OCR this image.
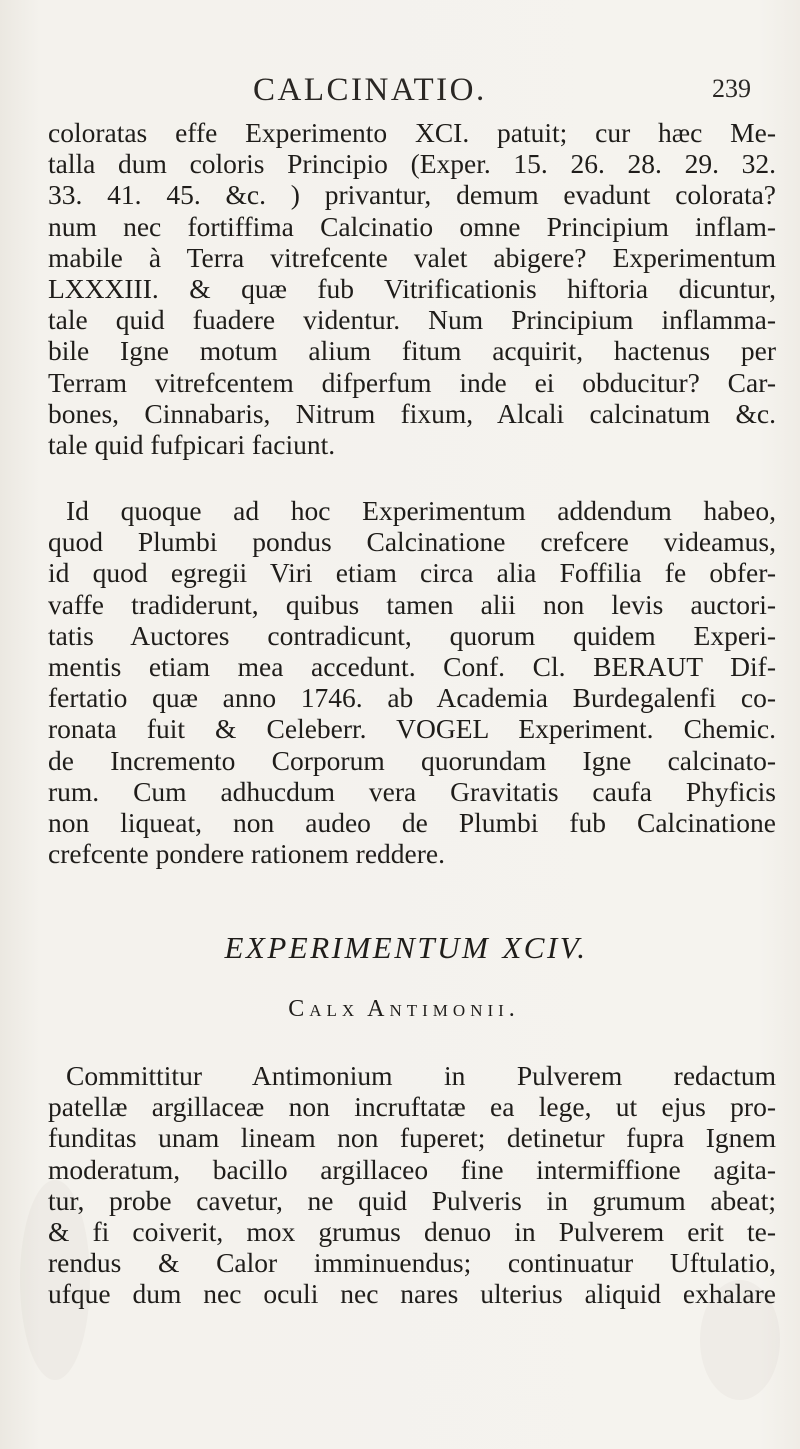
CALCINATIO.	239
coloratas effe Experimento XCI. patuit; cur hæc Me-
talla dum coloris Principio (Exper. 15. 26. 28. 29. 32.
33. 41. 45. &c. ) privantur, demum evadunt colorata?
num nec fortiffima Calcinatio omne Principium inflam-
mabile à Terra vitrefcente valet abigere? Experimentum
LXXXIII. & quæ fub Vitrificationis hiftoria dicuntur,
tale quid fuadere videntur. Num Principium inflamma-
bile Igne motum alium fitum acquirit, hactenus per
Terram vitrefcentem difperfum inde ei obducitur? Car-
bones, Cinnabaris, Nitrum fixum, Alcali calcinatum &c.
tale quid fufpicari faciunt.
Id quoque ad hoc Experimentum addendum habeo,
quod Plumbi pondus Calcinatione crefcere videamus,
id quod egregii Viri etiam circa alia Foffilia fe obfer-
vaffe tradiderunt, quibus tamen alii non levis auctori-
tatis Auctores contradicunt, quorum quidem Experi-
mentis etiam mea accedunt. Conf. Cl. BERAUT Dif-
fertatio quæ anno 1746. ab Academia Burdegalenfi co-
ronata fuit & Celeberr. VOGEL Experiment. Chemic.
de Incremento Corporum quorundam Igne calcinato-
rum. Cum adhucdum vera Gravitatis caufa Phyficis
non liqueat, non audeo de Plumbi fub Calcinatione
crefcente pondere rationem reddere.
EXPERIMENTUM XCIV.
Calx Antimonii.
Committitur Antimonium in Pulverem redactum
patellæ argillaceæ non incruftatæ ea lege, ut ejus pro-
funditas unam lineam non fuperet; detinetur fupra Ignem
moderatum, bacillo argillaceo fine intermiffione agita-
tur, probe cavetur, ne quid Pulveris in grumum abeat;
& fi coiverit, mox grumus denuo in Pulverem erit te-
rendus & Calor imminuendus; continuatur Uftulatio,
ufque dum nec oculi nec nares ulterius aliquid exhalare
